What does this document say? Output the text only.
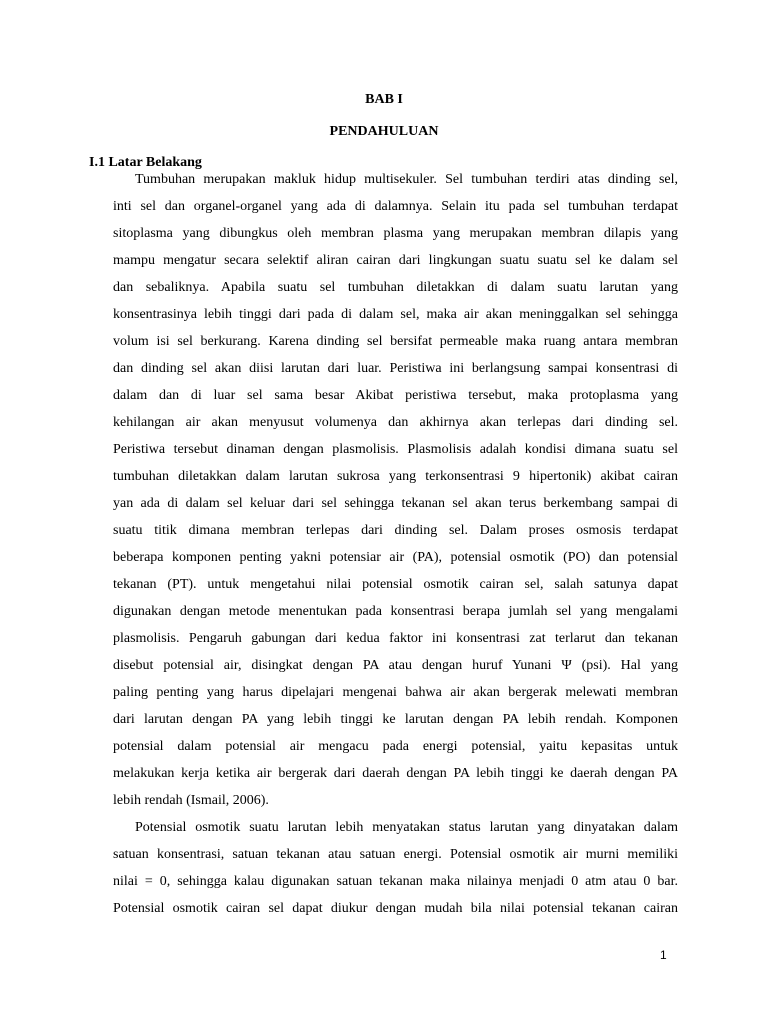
BAB I
PENDAHULUAN
I.1 Latar Belakang
Tumbuhan merupakan makluk hidup multisekuler. Sel tumbuhan terdiri atas dinding sel,
inti sel dan organel-organel yang ada di dalamnya. Selain itu pada sel tumbuhan terdapat
sitoplasma yang dibungkus oleh membran plasma yang merupakan membran dilapis yang
mampu mengatur secara selektif aliran cairan dari lingkungan suatu suatu sel ke dalam sel
dan sebaliknya. Apabila suatu sel tumbuhan diletakkan di dalam suatu larutan yang
konsentrasinya lebih tinggi dari pada di dalam sel, maka air akan meninggalkan sel sehingga
volum isi sel berkurang. Karena dinding sel bersifat permeable maka ruang antara membran
dan dinding sel akan diisi larutan dari luar. Peristiwa ini berlangsung sampai konsentrasi di
dalam dan di luar sel sama besar Akibat peristiwa tersebut, maka protoplasma yang
kehilangan air akan menyusut volumenya dan akhirnya akan terlepas dari dinding sel.
Peristiwa tersebut dinaman dengan plasmolisis. Plasmolisis adalah kondisi dimana suatu sel
tumbuhan diletakkan dalam larutan sukrosa yang terkonsentrasi 9 hipertonik) akibat cairan
yan ada di dalam sel keluar dari sel sehingga tekanan sel akan terus berkembang sampai di
suatu titik dimana membran terlepas dari dinding sel. Dalam proses osmosis terdapat
beberapa komponen penting yakni potensiar air (PA), potensial osmotik (PO) dan potensial
tekanan (PT). untuk mengetahui nilai potensial osmotik cairan sel, salah satunya dapat
digunakan dengan metode menentukan pada konsentrasi berapa jumlah sel yang mengalami
plasmolisis. Pengaruh gabungan dari kedua faktor ini konsentrasi zat terlarut dan tekanan
disebut potensial air, disingkat dengan PA atau dengan huruf Yunani Ψ (psi). Hal yang
paling penting yang harus dipelajari mengenai bahwa air akan bergerak melewati membran
dari larutan dengan PA yang lebih tinggi ke larutan dengan PA lebih rendah. Komponen
potensial dalam potensial air mengacu pada energi potensial, yaitu kepasitas untuk
melakukan kerja ketika air bergerak dari daerah dengan PA lebih tinggi ke daerah dengan PA
lebih rendah (Ismail, 2006).
Potensial osmotik suatu larutan lebih menyatakan status larutan yang dinyatakan dalam
satuan konsentrasi, satuan tekanan atau satuan energi. Potensial osmotik air murni memiliki
nilai = 0, sehingga kalau digunakan satuan tekanan maka nilainya menjadi 0 atm atau 0 bar.
Potensial osmotik cairan sel dapat diukur dengan mudah bila nilai potensial tekanan cairan
1
